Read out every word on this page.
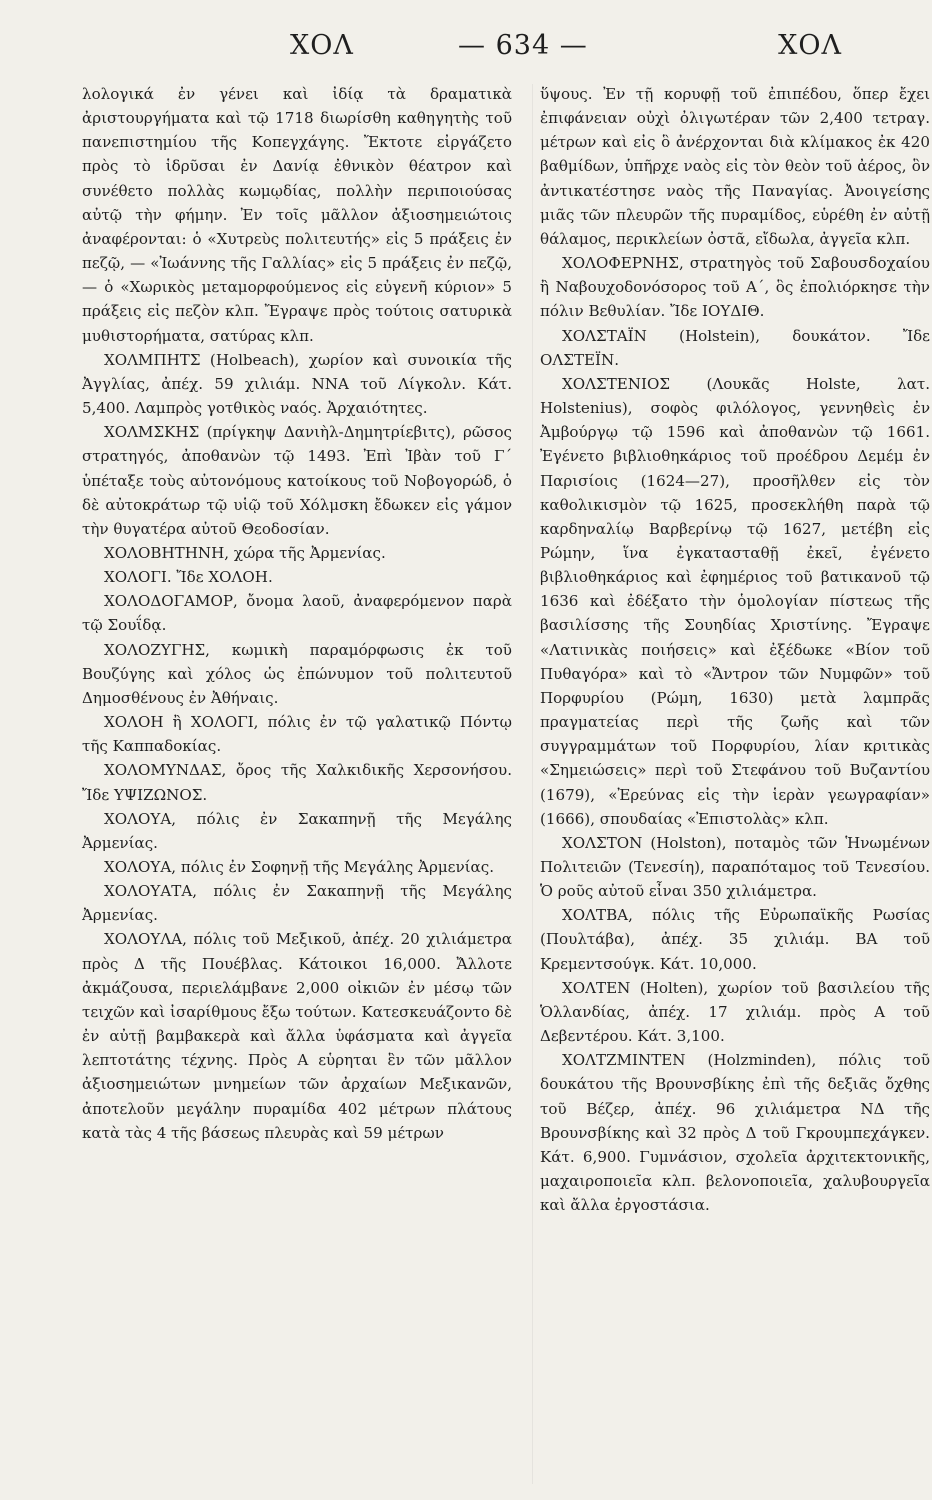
ΧΟΛ	— 634 —	ΧΟΛ

λολογικά ἐν γένει καὶ ἰδίᾳ τὰ δραματικὰ ἀριστουργήματα καὶ τῷ 1718 διωρίσθη καθηγητὴς τοῦ πανεπιστημίου τῆς Κοπεγχάγης. Ἔκτοτε εἰργάζετο πρὸς τὸ ἱδρῦσαι ἐν Δανίᾳ ἐθνικὸν θέατρον καὶ συνέθετο πολλὰς κωμῳδίας, πολλὴν περιποιούσας αὐτῷ τὴν φήμην. Ἐν τοῖς μᾶλλον ἀξιοσημειώτοις ἀναφέρονται: ὁ «Χυτρεὺς πολιτευτής» εἰς 5 πράξεις ἐν πεζῷ, — «Ἰωάννης τῆς Γαλλίας» εἰς 5 πράξεις ἐν πεζῷ, — ὁ «Χωρικὸς μεταμορφούμενος εἰς εὐγενῆ κύριον» 5 πράξεις εἰς πεζὸν κλπ. Ἔγραψε πρὸς τούτοις σατυρικὰ μυθιστορήματα, σατύρας κλπ.

ΧΟΛΜΠΗΤΣ (Holbeach), χωρίον καὶ συνοικία τῆς Ἀγγλίας, ἀπέχ. 59 χιλιάμ. ΝΝΑ τοῦ Λίγκολν. Κάτ. 5,400. Λαμπρὸς γοτθικὸς ναός. Ἀρχαιότητες.

ΧΟΛΜΣΚΗΣ (πρίγκηψ Δανιὴλ-Δημητρίεβιτς), ρῶσος στρατηγός, ἀποθανὼν τῷ 1493. Ἐπὶ Ἰβὰν τοῦ Γ´ ὑπέταξε τοὺς αὐτονόμους κατοίκους τοῦ Νοβογορώδ, ὁ δὲ αὐτοκράτωρ τῷ υἱῷ τοῦ Χόλμσκη ἔδωκεν εἰς γάμον τὴν θυγατέρα αὐτοῦ Θεοδοσίαν.

ΧΟΛΟΒΗΤΗΝΗ, χώρα τῆς Ἀρμενίας.

ΧΟΛΟΓΙ. Ἴδε ΧΟΛΟΗ.

ΧΟΛΟΔΟΓΑΜΟΡ, ὄνομα λαοῦ, ἀναφερόμενον παρὰ τῷ Σουΐδᾳ.

ΧΟΛΟΖΥΓΗΣ, κωμικὴ παραμόρφωσις ἐκ τοῦ Βουζύγης καὶ χόλος ὡς ἐπώνυμον τοῦ πολιτευτοῦ Δημοσθένους ἐν Ἀθήναις.

ΧΟΛΟΗ ἢ ΧΟΛΟΓΙ, πόλις ἐν τῷ γαλατικῷ Πόντῳ τῆς Καππαδοκίας.

ΧΟΛΟΜΥΝΔΑΣ, ὄρος τῆς Χαλκιδικῆς Χερσονήσου. Ἴδε ΥΨΙΖΩΝΟΣ.

ΧΟΛΟΥΑ, πόλις ἐν Σακαπηνῇ τῆς Μεγάλης Ἀρμενίας.

ΧΟΛΟΥΑ, πόλις ἐν Σοφηνῇ τῆς Μεγάλης Ἀρμενίας.

ΧΟΛΟΥΑΤΑ, πόλις ἐν Σακαπηνῇ τῆς Μεγάλης Ἀρμενίας.

ΧΟΛΟΥΛΑ, πόλις τοῦ Μεξικοῦ, ἀπέχ. 20 χιλιάμετρα πρὸς Δ τῆς Πουέβλας. Κάτοικοι 16,000. Ἄλλοτε ἀκμάζουσα, περιελάμβανε 2,000 οἰκιῶν ἐν μέσῳ τῶν τειχῶν καὶ ἰσαρίθμους ἔξω τούτων. Κατεσκευάζοντο δὲ ἐν αὐτῇ βαμβακερὰ καὶ ἄλλα ὑφάσματα καὶ ἀγγεῖα λεπτοτάτης τέχνης. Πρὸς Α εὑρηται ἓν τῶν μᾶλλον ἀξιοσημειώτων μνημείων τῶν ἀρχαίων Μεξικανῶν, ἀποτελοῦν μεγάλην πυραμίδα 402 μέτρων πλάτους κατὰ τὰς 4 τῆς βάσεως πλευρὰς καὶ 59 μέτρων

ὕψους. Ἐν τῇ κορυφῇ τοῦ ἐπιπέδου, ὅπερ ἔχει ἐπιφάνειαν οὐχὶ ὀλιγωτέραν τῶν 2,400 τετραγ. μέτρων καὶ εἰς ὃ ἀνέρχονται διὰ κλίμακος ἐκ 420 βαθμίδων, ὑπῆρχε ναὸς εἰς τὸν θεὸν τοῦ ἀέρος, ὃν ἀντικατέστησε ναὸς τῆς Παναγίας. Ἀνοιγείσης μιᾶς τῶν πλευρῶν τῆς πυραμίδος, εὑρέθη ἐν αὐτῇ θάλαμος, περικλείων ὀστᾶ, εἴδωλα, ἀγγεῖα κλπ.

ΧΟΛΟΦΕΡΝΗΣ, στρατηγὸς τοῦ Σαβουσδοχαίου ἢ Ναβουχοδονόσορος τοῦ Α´, ὃς ἐπολιόρκησε τὴν πόλιν Βεθυλίαν. Ἴδε ΙΟΥΔΙΘ.

ΧΟΛΣΤΑΪΝ (Holstein), δουκάτον. Ἴδε ΟΛΣΤΕΪΝ.

ΧΟΛΣΤΕΝΙΟΣ (Λουκᾶς Holste, λατ. Holstenius), σοφὸς φιλόλογος, γεννηθεὶς ἐν Ἀμβούργῳ τῷ 1596 καὶ ἀποθανὼν τῷ 1661. Ἐγένετο βιβλιοθηκάριος τοῦ προέδρου Δεμέμ ἐν Παρισίοις (1624—27), προσῆλθεν εἰς τὸν καθολικισμὸν τῷ 1625, προσεκλήθη παρὰ τῷ καρδηναλίῳ Βαρβερίνῳ τῷ 1627, μετέβη εἰς Ρώμην, ἵνα ἐγκατασταθῇ ἐκεῖ, ἐγένετο βιβλιοθηκάριος καὶ ἐφημέριος τοῦ βατικανοῦ τῷ 1636 καὶ ἐδέξατο τὴν ὁμολογίαν πίστεως τῆς βασιλίσσης τῆς Σουηδίας Χριστίνης. Ἔγραψε «Λατινικὰς ποιήσεις» καὶ ἐξέδωκε «Βίον τοῦ Πυθαγόρα» καὶ τὸ «Ἄντρον τῶν Νυμφῶν» τοῦ Πορφυρίου (Ρώμη, 1630) μετὰ λαμπρᾶς πραγματείας περὶ τῆς ζωῆς καὶ τῶν συγγραμμάτων τοῦ Πορφυρίου, λίαν κριτικὰς «Σημειώσεις» περὶ τοῦ Στεφάνου τοῦ Βυζαντίου (1679), «Ἐρεύνας εἰς τὴν ἱερὰν γεωγραφίαν» (1666), σπουδαίας «Ἐπιστολὰς» κλπ.

ΧΟΛΣΤΟΝ (Holston), ποταμὸς τῶν Ἡνωμένων Πολιτειῶν (Τενεσίη), παραπόταμος τοῦ Τενεσίου. Ὁ ροῦς αὐτοῦ εἶναι 350 χιλιάμετρα.

ΧΟΛΤΒΑ, πόλις τῆς Εὐρωπαϊκῆς Ρωσίας (Πουλτάβα), ἀπέχ. 35 χιλιάμ. ΒΑ τοῦ Κρεμεντσούγκ. Κάτ. 10,000.

ΧΟΛΤΕΝ (Holten), χωρίον τοῦ βασιλείου τῆς Ὁλλανδίας, ἀπέχ. 17 χιλιάμ. πρὸς Α τοῦ Δεβεντέρου. Κάτ. 3,100.

ΧΟΛΤΖΜΙΝΤΕΝ (Holzminden), πόλις τοῦ δουκάτου τῆς Βρουνσβίκης ἐπὶ τῆς δεξιᾶς ὄχθης τοῦ Βέζερ, ἀπέχ. 96 χιλιάμετρα ΝΔ τῆς Βρουνσβίκης καὶ 32 πρὸς Δ τοῦ Γκρουμπεχάγκεν. Κάτ. 6,900. Γυμνάσιον, σχολεῖα ἀρχιτεκτονικῆς, μαχαιροποιεῖα κλπ. βελονοποιεῖα, χαλυβουργεῖα καὶ ἄλλα ἐργοστάσια.
